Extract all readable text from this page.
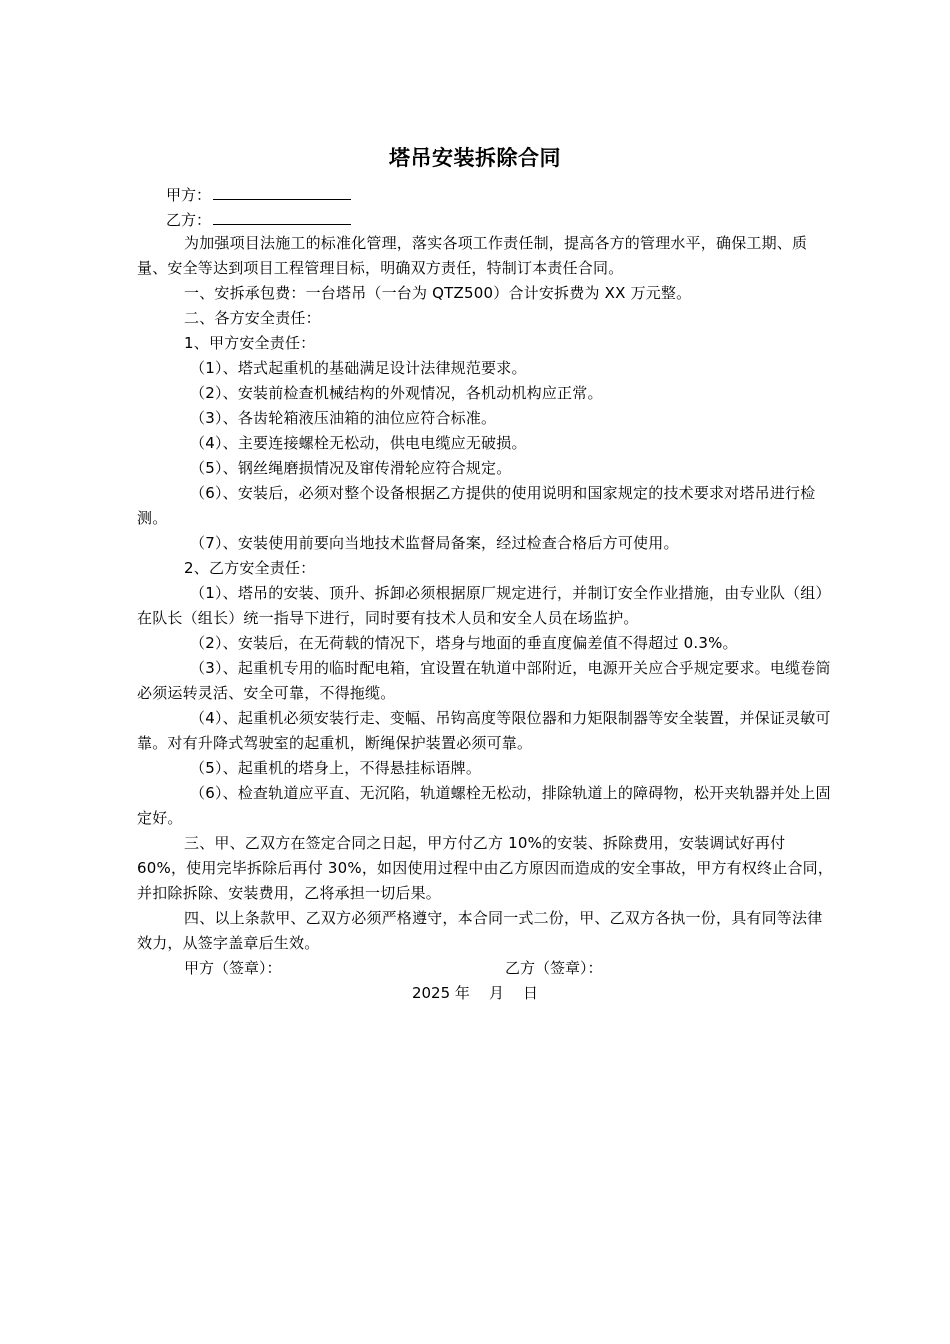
塔吊安装拆除合同
甲方：
乙方：

为加强项目法施工的标准化管理，落实各项工作责任制，提高各方的管理水平，确保工期、质量、安全等达到项目工程管理目标，明确双方责任，特制订本责任合同。

一、安拆承包费：一台塔吊（一台为 QTZ500）合计安拆费为 XX 万元整。

二、各方安全责任：

1、甲方安全责任：

（1）、塔式起重机的基础满足设计法律规范要求。

（2）、安装前检查机械结构的外观情况，各机动机构应正常。

（3）、各齿轮箱液压油箱的油位应符合标准。

（4）、主要连接螺栓无松动，供电电缆应无破损。

（5）、钢丝绳磨损情况及窜传滑轮应符合规定。

（6）、安装后，必须对整个设备根据乙方提供的使用说明和国家规定的技术要求对塔吊进行检测。

（7）、安装使用前要向当地技术监督局备案，经过检查合格后方可使用。

2、乙方安全责任：

（1）、塔吊的安装、顶升、拆卸必须根据原厂规定进行，并制订安全作业措施，由专业队（组）在队长（组长）统一指导下进行，同时要有技术人员和安全人员在场监护。

（2）、安装后，在无荷载的情况下，塔身与地面的垂直度偏差值不得超过 0.3%。

（3）、起重机专用的临时配电箱，宜设置在轨道中部附近，电源开关应合乎规定要求。电缆卷筒必须运转灵活、安全可靠，不得拖缆。

（4）、起重机必须安装行走、变幅、吊钩高度等限位器和力矩限制器等安全装置，并保证灵敏可靠。对有升降式驾驶室的起重机，断绳保护装置必须可靠。

（5）、起重机的塔身上，不得悬挂标语牌。

（6）、检查轨道应平直、无沉陷，轨道螺栓无松动，排除轨道上的障碍物，松开夹轨器并处上固定好。

三、甲、乙双方在签定合同之日起，甲方付乙方 10%的安装、拆除费用，安装调试好再付 60%，使用完毕拆除后再付 30%，如因使用过程中由乙方原因而造成的安全事故，甲方有权终止合同，并扣除拆除、安装费用，乙将承担一切后果。

四、以上条款甲、乙双方必须严格遵守，本合同一式二份，甲、乙双方各执一份，具有同等法律效力，从签字盖章后生效。

甲方（签章）：	乙方（签章）：
2025 年    月    日
